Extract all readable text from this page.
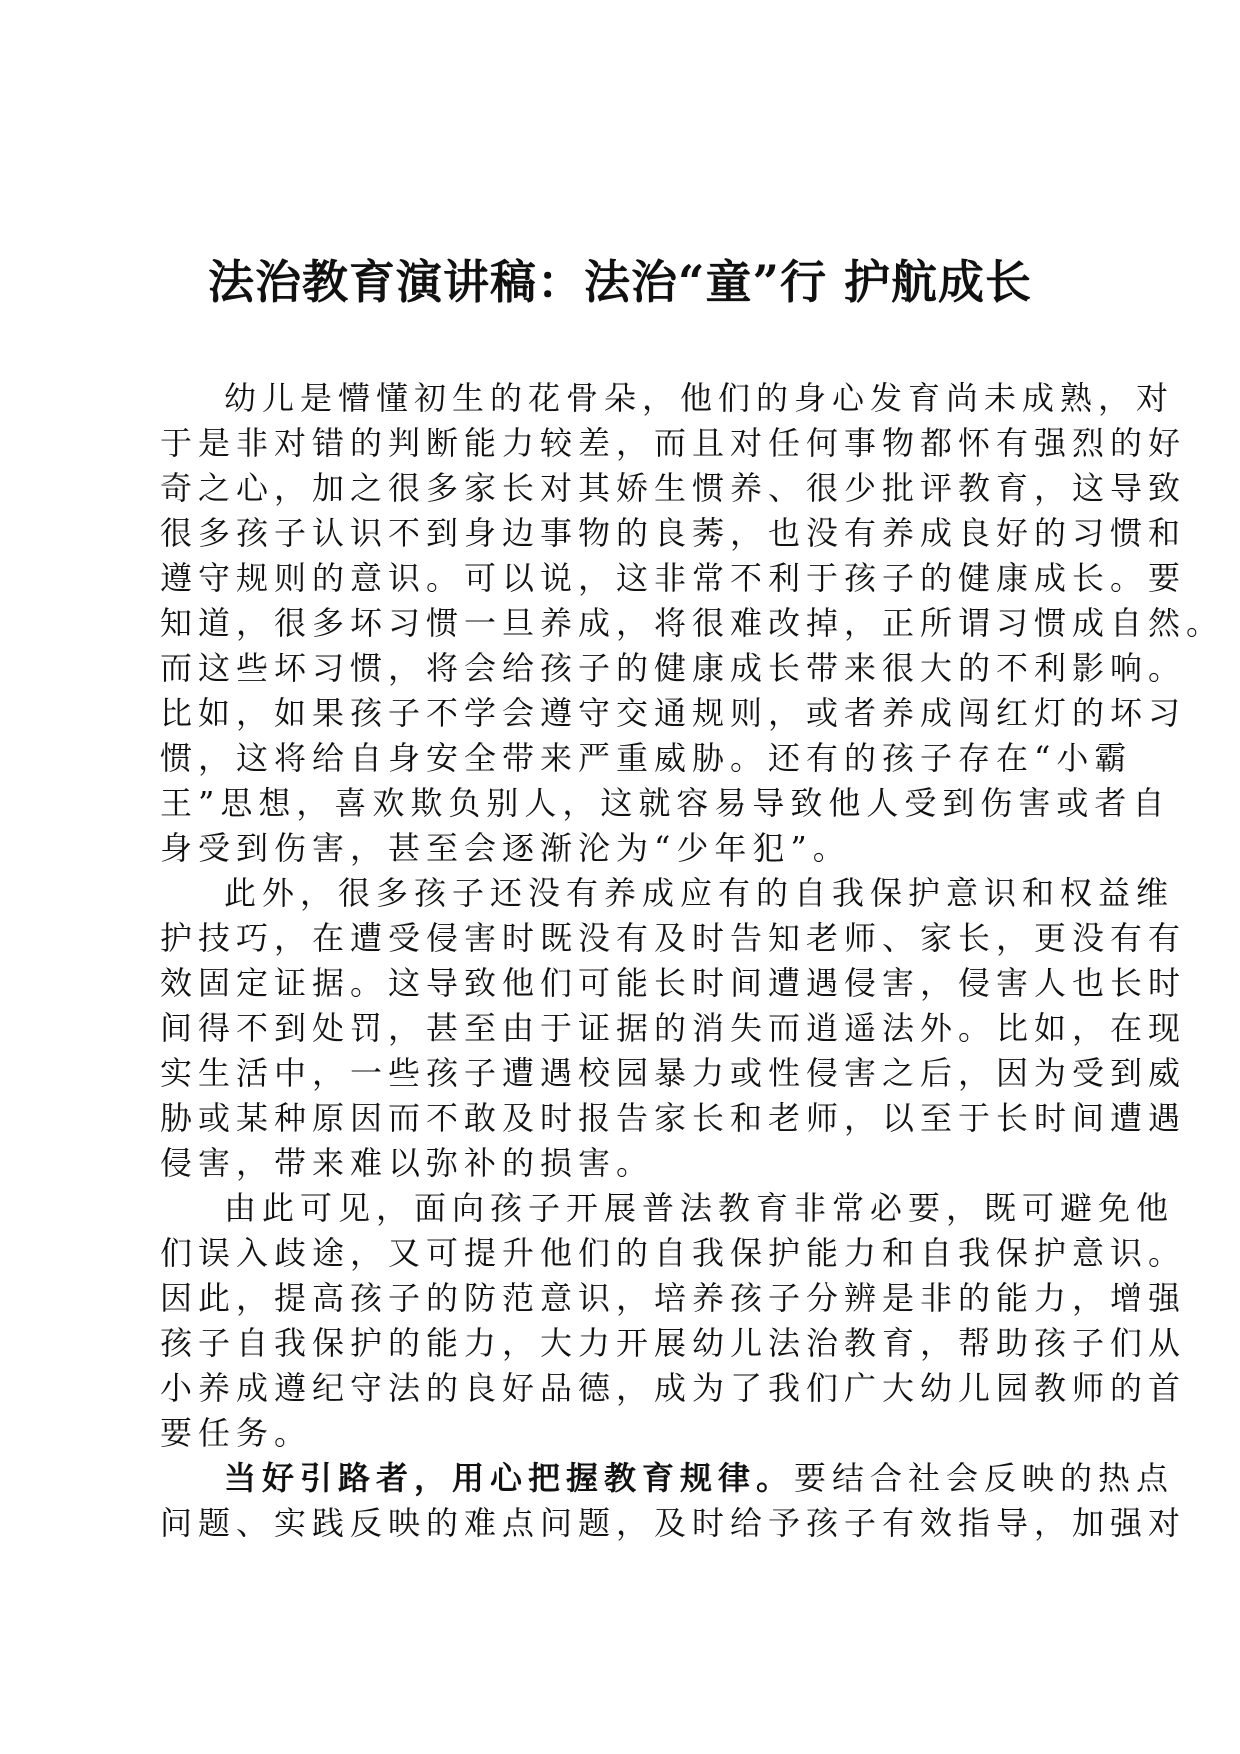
法治教育演讲稿：法治“童”行 护航成长
幼儿是懵懂初生的花骨朵，他们的身心发育尚未成熟，对
于是非对错的判断能力较差，而且对任何事物都怀有强烈的好
奇之心，加之很多家长对其娇生惯养、很少批评教育，这导致
很多孩子认识不到身边事物的良莠，也没有养成良好的习惯和
遵守规则的意识。可以说，这非常不利于孩子的健康成长。要
知道，很多坏习惯一旦养成，将很难改掉，正所谓习惯成自然。
而这些坏习惯，将会给孩子的健康成长带来很大的不利影响。
比如，如果孩子不学会遵守交通规则，或者养成闯红灯的坏习
惯，这将给自身安全带来严重威胁。还有的孩子存在“小霸
王”思想，喜欢欺负别人，这就容易导致他人受到伤害或者自
身受到伤害，甚至会逐渐沦为“少年犯”。
此外，很多孩子还没有养成应有的自我保护意识和权益维
护技巧，在遭受侵害时既没有及时告知老师、家长，更没有有
效固定证据。这导致他们可能长时间遭遇侵害，侵害人也长时
间得不到处罚，甚至由于证据的消失而逍遥法外。比如，在现
实生活中，一些孩子遭遇校园暴力或性侵害之后，因为受到威
胁或某种原因而不敢及时报告家长和老师，以至于长时间遭遇
侵害，带来难以弥补的损害。
由此可见，面向孩子开展普法教育非常必要，既可避免他
们误入歧途，又可提升他们的自我保护能力和自我保护意识。
因此，提高孩子的防范意识，培养孩子分辨是非的能力，增强
孩子自我保护的能力，大力开展幼儿法治教育，帮助孩子们从
小养成遵纪守法的良好品德，成为了我们广大幼儿园教师的首
要任务。
当好引路者，用心把握教育规律。要结合社会反映的热点
问题、实践反映的难点问题，及时给予孩子有效指导，加强对
